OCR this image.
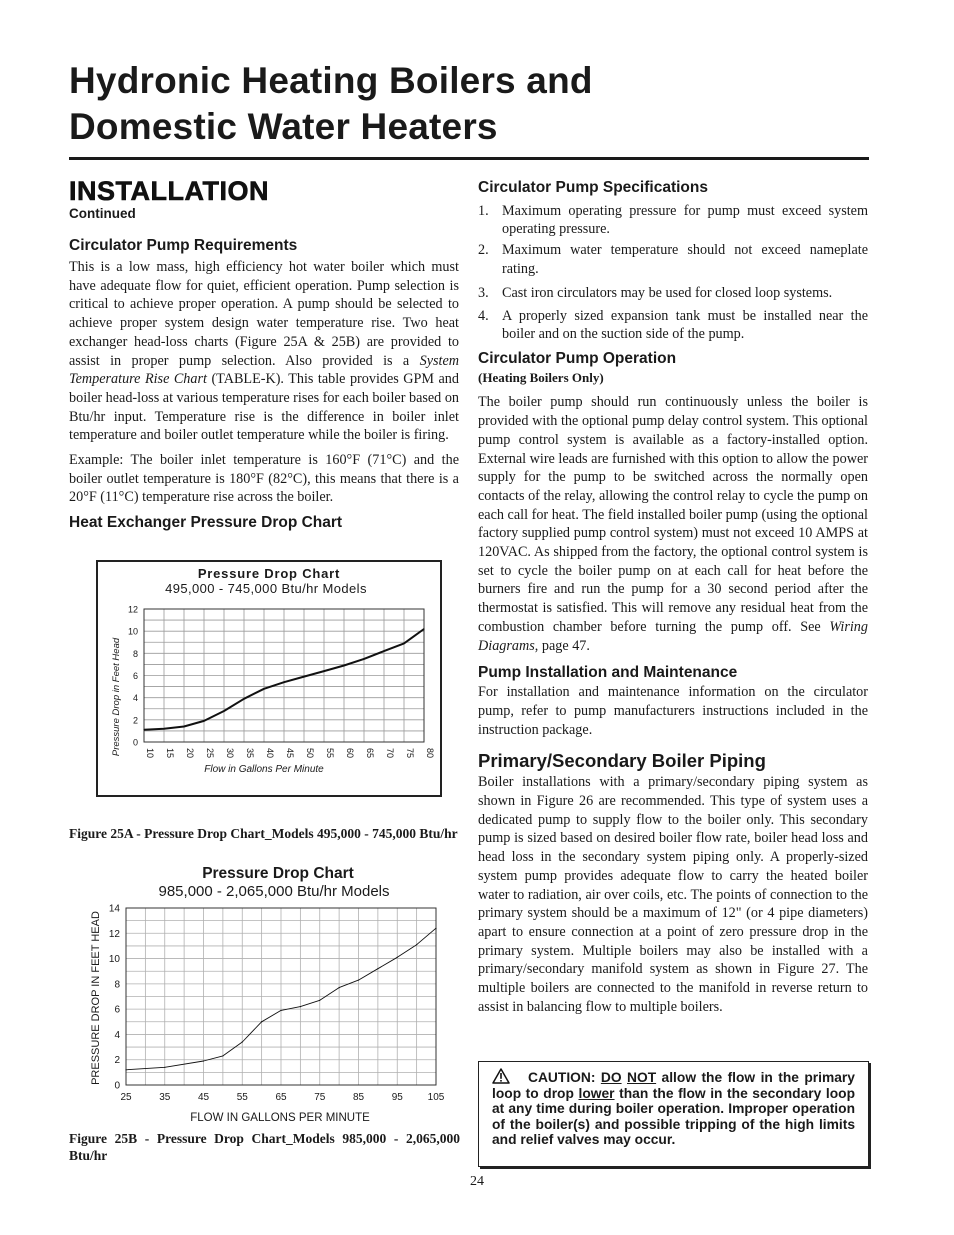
Hydronic Heating Boilers and
Domestic Water Heaters
INSTALLATION
Continued
Circulator Pump Requirements

This is a low mass, high efficiency hot water boiler which must have adequate flow for quiet, efficient operation. Pump selection is critical to achieve proper operation. A pump should be selected to achieve proper system design water temperature rise. Two heat exchanger head-loss charts (Figure 25A & 25B) are provided to assist in proper pump selection. Also provided is a System Temperature Rise Chart (TABLE-K). This table provides GPM and boiler head-loss at various temperature rises for each boiler based on Btu/hr input. Temperature rise is the difference in boiler inlet temperature and boiler outlet temperature while the boiler is firing.

Example: The boiler inlet temperature is 160°F (71°C) and the boiler outlet temperature is 180°F (82°C), this means that there is a 20°F (11°C) temperature rise across the boiler.

Heat Exchanger Pressure Drop Chart
Pressure Drop Chart
495,000 - 745,000 Btu/hr Models
10 15 20 25 30 35 40 45 50 55 60 65 70 75 80
0
2
4
6
8
10
12
Pressure Drop in Feet Head
Flow in Gallons Per Minute
Figure 25A - Pressure Drop Chart_Models 495,000 - 745,000 Btu/hr
Pressure Drop Chart
985,000 - 2,065,000 Btu/hr Models
25	35	45	55	65	75	85	95 105
0
2
4
6
8
10
12
14
PRESSURE DROP IN FEET HEAD
FLOW IN GALLONS PER MINUTE
Figure 25B - Pressure Drop Chart_Models 985,000 - 2,065,000 Btu/hr
Circulator Pump Specifications
1. Maximum operating pressure for pump must exceed system operating pressure.
2. Maximum water temperature should not exceed nameplate rating.
3. Cast iron circulators may be used for closed loop systems.
4. A properly sized expansion tank must be installed near the boiler and on the suction side of the pump.
Circulator Pump Operation
(Heating Boilers Only)

The boiler pump should run continuously unless the boiler is provided with the optional pump delay control system. This optional pump control system is available as a factory-installed option. External wire leads are furnished with this option to allow the power supply for the pump to be switched across the normally open contacts of the relay, allowing the control relay to cycle the pump on each call for heat. The field installed boiler pump (using the optional factory supplied pump control system) must not exceed 10 AMPS at 120VAC. As shipped from the factory, the optional control system is set to cycle the boiler pump on at each call for heat before the burners fire and run the pump for a 30 second period after the thermostat is satisfied. This will remove any residual heat from the combustion chamber before turning the pump off. See Wiring Diagrams, page 47.

Pump Installation and Maintenance

For installation and maintenance information on the circulator pump, refer to pump manufacturers instructions included in the instruction package.

Primary/Secondary Boiler Piping

Boiler installations with a primary/secondary piping system as shown in Figure 26 are recommended. This type of system uses a dedicated pump to supply flow to the boiler only. This secondary pump is sized based on desired boiler flow rate, boiler head loss and head loss in the secondary system piping only. A properly-sized system pump provides adequate flow to carry the heated boiler water to radiation, air over coils, etc. The points of connection to the primary system should be a maximum of 12" (or 4 pipe diameters) apart to ensure connection at a point of zero pressure drop in the primary system. Multiple boilers may also be installed with a primary/secondary manifold system as shown in Figure 27. The multiple boilers are connected to the manifold in reverse return to assist in balancing flow to multiple boilers.

CAUTION: DO NOT allow the flow in the primary loop to drop lower than the flow in the secondary loop at any time during boiler operation. Improper operation of the boiler(s) and possible tripping of the high limits and relief valves may occur.
24
